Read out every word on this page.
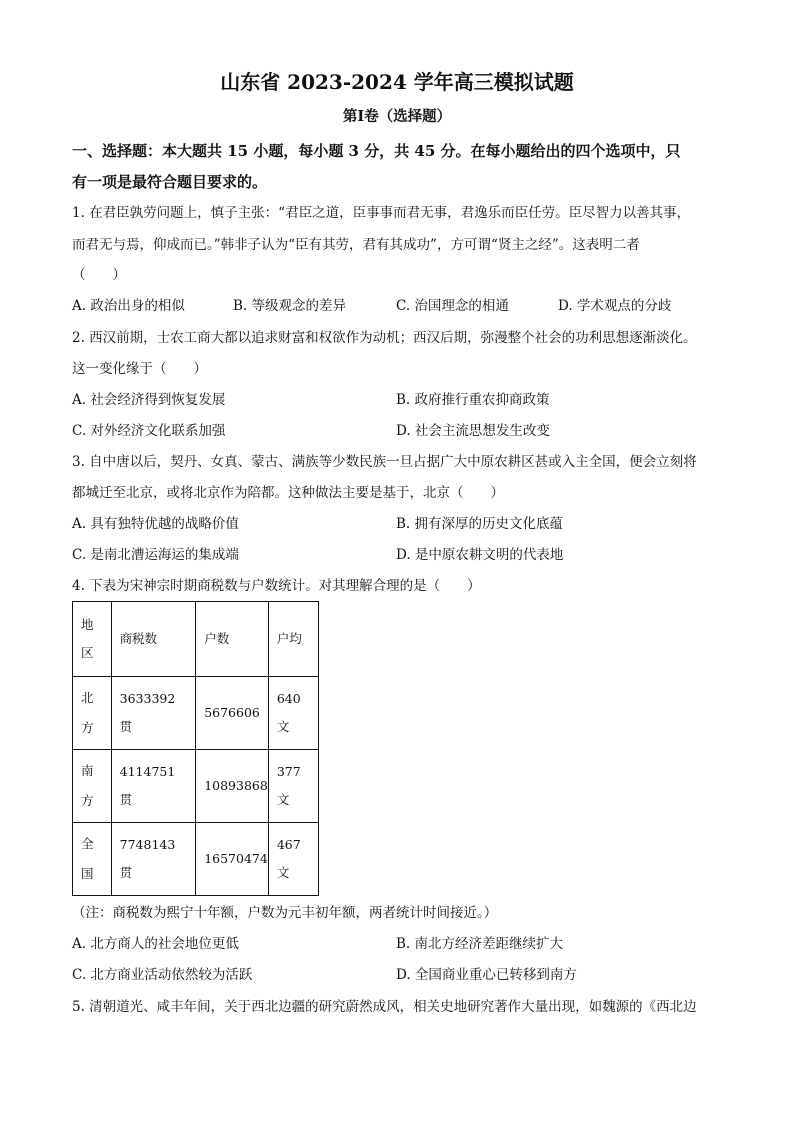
山东省 2023-2024 学年高三模拟试题
第Ⅰ卷（选择题）
一、选择题：本大题共 15 小题，每小题 3 分，共 45 分。在每小题给出的四个选项中，只
有一项是最符合题目要求的。
1. 在君臣孰劳问题上，慎子主张：“君臣之道，臣事事而君无事，君逸乐而臣任劳。臣尽智力以善其事，
而君无与焉，仰成而已。”韩非子认为“臣有其劳，君有其成功”，方可谓“贤主之经”。这表明二者
（　　）
A. 政治出身的相似	B. 等级观念的差异	C. 治国理念的相通	D. 学术观点的分歧
2. 西汉前期，士农工商大都以追求财富和权欲作为动机；西汉后期，弥漫整个社会的功利思想逐渐淡化。
这一变化缘于（　　）
A. 社会经济得到恢复发展	B. 政府推行重农抑商政策
C. 对外经济文化联系加强	D. 社会主流思想发生改变
3. 自中唐以后，契丹、女真、蒙古、满族等少数民族一旦占据广大中原农耕区甚或入主全国，便会立刻将
都城迁至北京，或将北京作为陪都。这种做法主要是基于，北京（　　）
A. 具有独特优越的战略价值	B. 拥有深厚的历史文化底蕴
C. 是南北漕运海运的集成端	D. 是中原农耕文明的代表地
4. 下表为宋神宗时期商税数与户数统计。对其理解合理的是（　　）
地区	商税数	户数	户均
北方	3633392贯	5676606	640文
南方	4114751贯	10893868	377文
全国	7748143贯	16570474	467文
（注：商税数为熙宁十年额，户数为元丰初年额，两者统计时间接近。）
A. 北方商人的社会地位更低	B. 南北方经济差距继续扩大
C. 北方商业活动依然较为活跃	D. 全国商业重心已转移到南方
5. 清朝道光、咸丰年间，关于西北边疆的研究蔚然成风，相关史地研究著作大量出现，如魏源的《西北边
